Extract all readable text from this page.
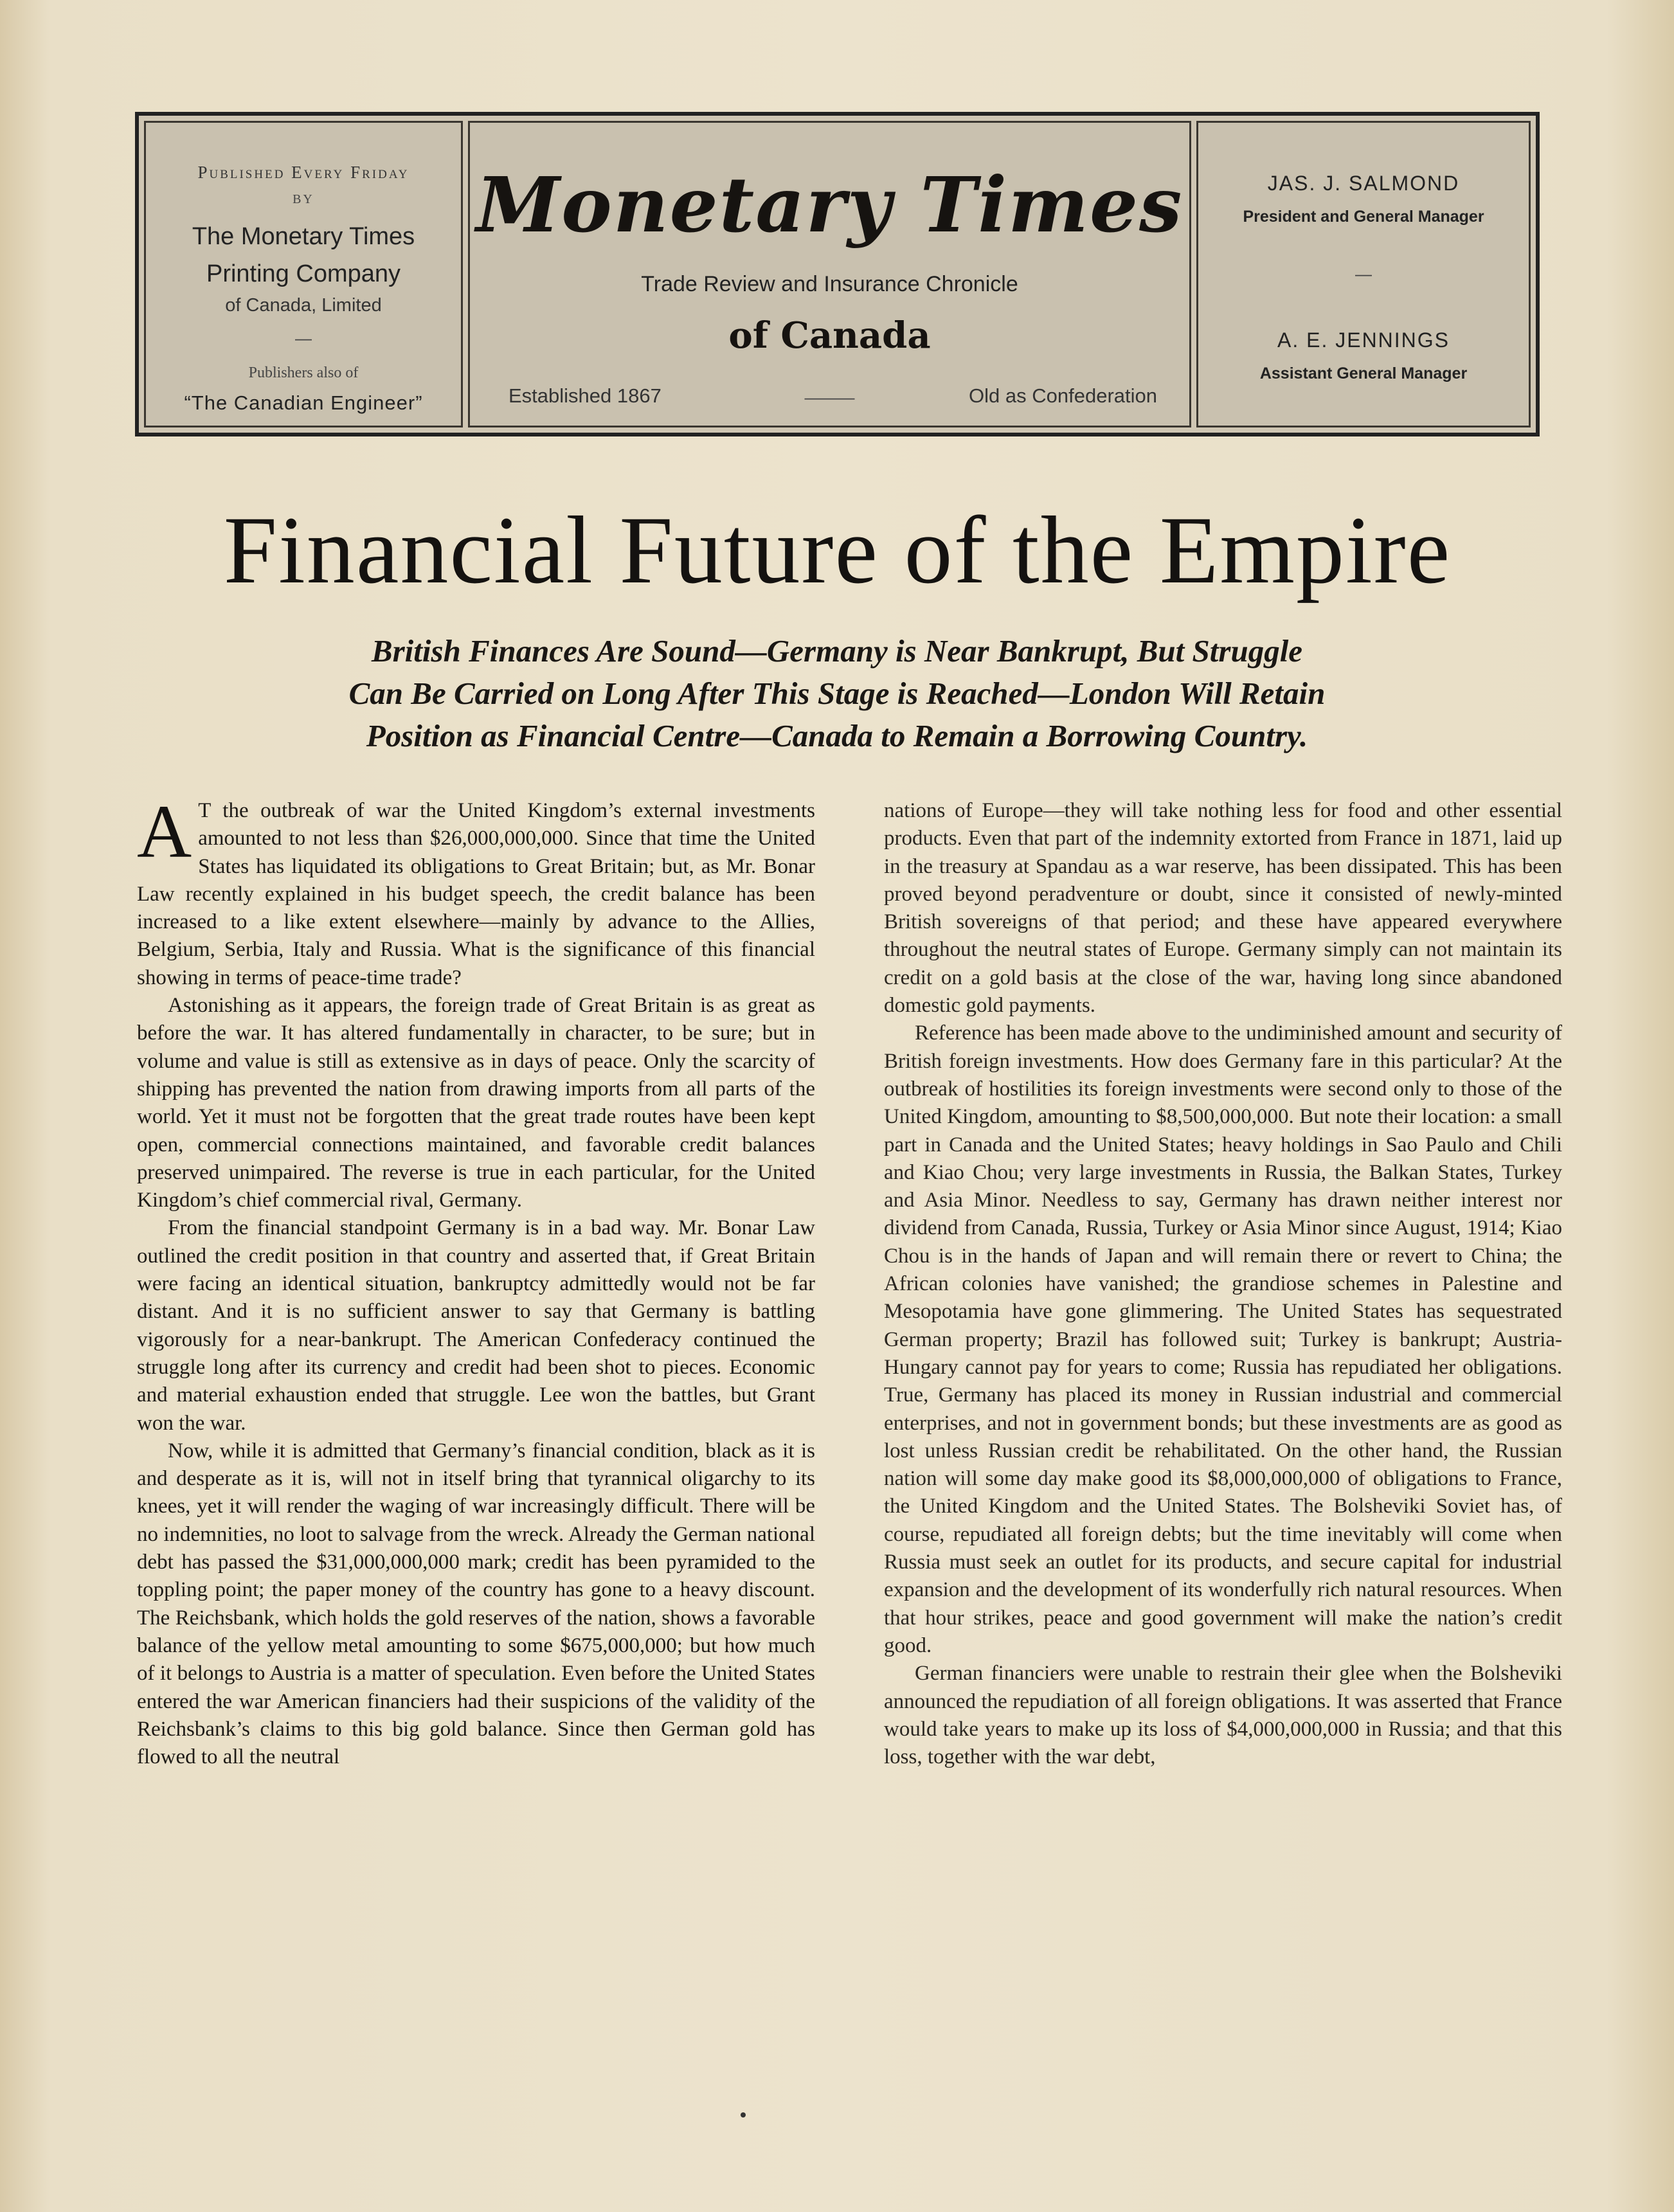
Published Every Friday
BY
The Monetary Times
Printing Company
of Canada, Limited
—
Publishers also of
“The Canadian Engineer”
Monetary Times
Trade Review and Insurance Chronicle
of Canada
Established 1867	———	Old as Confederation
JAS. J. SALMOND
President and General Manager
—
A. E. JENNINGS
Assistant General Manager
Financial Future of the Empire
British Finances Are Sound—Germany is Near Bankrupt, But Struggle
Can Be Carried on Long After This Stage is Reached—London Will Retain
Position as Financial Centre—Canada to Remain a Borrowing Country.

A T the outbreak of war the United Kingdom’s external investments amounted to not less than $26,000,000,000. Since that time the United States has liquidated its obligations to Great Britain; but, as Mr. Bonar Law recently explained in his budget speech, the credit balance has been increased to a like extent elsewhere—mainly by advance to the Allies, Belgium, Serbia, Italy and Russia. What is the significance of this financial showing in terms of peace-time trade?

Astonishing as it appears, the foreign trade of Great Britain is as great as before the war. It has altered fundamentally in character, to be sure; but in volume and value is still as extensive as in days of peace. Only the scarcity of shipping has prevented the nation from drawing imports from all parts of the world. Yet it must not be forgotten that the great trade routes have been kept open, commercial connections maintained, and favorable credit balances preserved unimpaired. The reverse is true in each particular, for the United Kingdom’s chief commercial rival, Germany.

From the financial standpoint Germany is in a bad way. Mr. Bonar Law outlined the credit position in that country and asserted that, if Great Britain were facing an identical situation, bankruptcy admittedly would not be far distant. And it is no sufficient answer to say that Germany is battling vigorously for a near-bankrupt. The American Confederacy continued the struggle long after its currency and credit had been shot to pieces. Economic and material exhaustion ended that struggle. Lee won the battles, but Grant won the war.

Now, while it is admitted that Germany’s financial condition, black as it is and desperate as it is, will not in itself bring that tyrannical oligarchy to its knees, yet it will render the waging of war increasingly difficult. There will be no indemnities, no loot to salvage from the wreck. Already the German national debt has passed the $31,000,000,000 mark; credit has been pyramided to the toppling point; the paper money of the country has gone to a heavy discount. The Reichsbank, which holds the gold reserves of the nation, shows a favorable balance of the yellow metal amounting to some $675,000,000; but how much of it belongs to Austria is a matter of speculation. Even before the United States entered the war American financiers had their suspicions of the validity of the Reichsbank’s claims to this big gold balance. Since then German gold has flowed to all the neutral

nations of Europe—they will take nothing less for food and other essential products. Even that part of the indemnity extorted from France in 1871, laid up in the treasury at Spandau as a war reserve, has been dissipated. This has been proved beyond peradventure or doubt, since it consisted of newly-minted British sovereigns of that period; and these have appeared everywhere throughout the neutral states of Europe. Germany simply can not maintain its credit on a gold basis at the close of the war, having long since abandoned domestic gold payments.

Reference has been made above to the undiminished amount and security of British foreign investments. How does Germany fare in this particular? At the outbreak of hostilities its foreign investments were second only to those of the United Kingdom, amounting to $8,500,000,000. But note their location: a small part in Canada and the United States; heavy holdings in Sao Paulo and Chili and Kiao Chou; very large investments in Russia, the Balkan States, Turkey and Asia Minor. Needless to say, Germany has drawn neither interest nor dividend from Canada, Russia, Turkey or Asia Minor since August, 1914; Kiao Chou is in the hands of Japan and will remain there or revert to China; the African colonies have vanished; the grandiose schemes in Palestine and Mesopotamia have gone glimmering. The United States has sequestrated German property; Brazil has followed suit; Turkey is bankrupt; Austria-Hungary cannot pay for years to come; Russia has repudiated her obligations. True, Germany has placed its money in Russian industrial and commercial enterprises, and not in government bonds; but these investments are as good as lost unless Russian credit be rehabilitated. On the other hand, the Russian nation will some day make good its $8,000,000,000 of obligations to France, the United Kingdom and the United States. The Bolsheviki Soviet has, of course, repudiated all foreign debts; but the time inevitably will come when Russia must seek an outlet for its products, and secure capital for industrial expansion and the development of its wonderfully rich natural resources. When that hour strikes, peace and good government will make the nation’s credit good.

German financiers were unable to restrain their glee when the Bolsheviki announced the repudiation of all foreign obligations. It was asserted that France would take years to make up its loss of $4,000,000,000 in Russia; and that this loss, together with the war debt,
